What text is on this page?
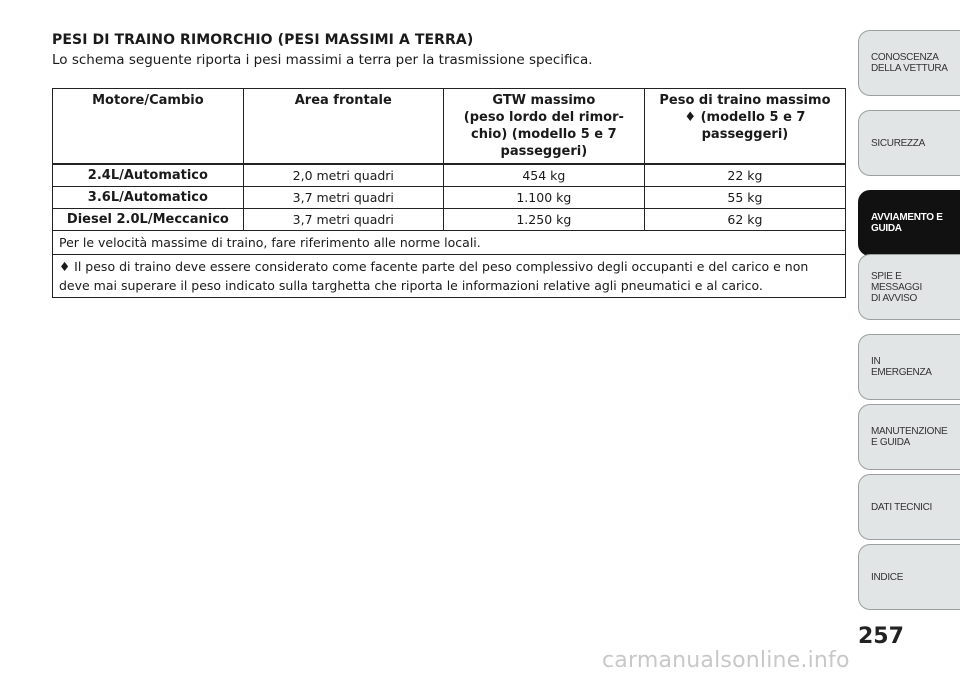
PESI DI TRAINO RIMORCHIO (PESI MASSIMI A TERRA)

Lo schema seguente riporta i pesi massimi a terra per la trasmissione specifica.

Motore/Cambio	Area frontale	GTW massimo
(peso lordo del rimor-
chio) (modello 5 e 7
passeggeri)	Peso di traino massimo
♦ (modello 5 e 7
passeggeri)
2.4L/Automatico	2,0 metri quadri	454 kg	22 kg
3.6L/Automatico	3,7 metri quadri	1.100 kg	55 kg
Diesel 2.0L/Meccanico	3,7 metri quadri	1.250 kg	62 kg
Per le velocità massime di traino, fare riferimento alle norme locali.			
♦ Il peso di traino deve essere considerato come facente parte del peso complessivo degli occupanti e del carico e non deve mai superare il peso indicato sulla targhetta che riporta le informazioni relative agli pneumatici e al carico.			
CONOSCENZA
DELLA VETTURA
SICUREZZA
AVVIAMENTO E
GUIDA
SPIE E
MESSAGGI
DI AVVISO
IN
EMERGENZA
MANUTENZIONE
E GUIDA
DATI TECNICI
INDICE
257
carmanualsonline.info
